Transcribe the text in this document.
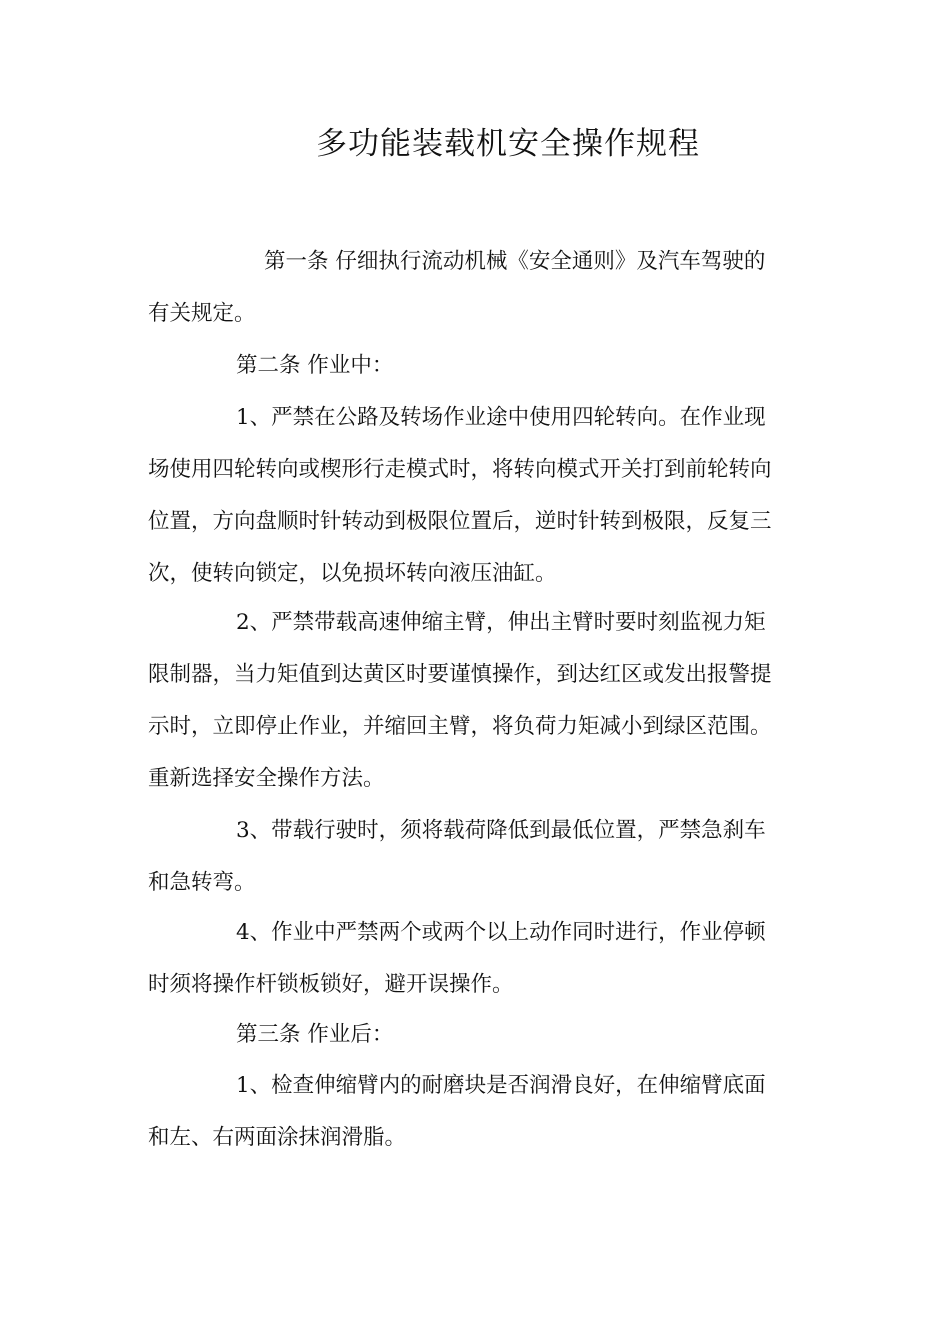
多功能装载机安全操作规程
第一条 仔细执行流动机械《安全通则》及汽车驾驶的
有关规定。
第二条 作业中：
1、严禁在公路及转场作业途中使用四轮转向。在作业现
场使用四轮转向或楔形行走模式时，将转向模式开关打到前轮转向
位置，方向盘顺时针转动到极限位置后，逆时针转到极限，反复三
次，使转向锁定，以免损坏转向液压油缸。
2、严禁带载高速伸缩主臂，伸出主臂时要时刻监视力矩
限制器，当力矩值到达黄区时要谨慎操作，到达红区或发出报警提
示时，立即停止作业，并缩回主臂，将负荷力矩减小到绿区范围。
重新选择安全操作方法。
3、带载行驶时，须将载荷降低到最低位置，严禁急刹车
和急转弯。
4、作业中严禁两个或两个以上动作同时进行，作业停顿
时须将操作杆锁板锁好，避开误操作。
第三条 作业后：
1、检查伸缩臂内的耐磨块是否润滑良好，在伸缩臂底面
和左、右两面涂抹润滑脂。
